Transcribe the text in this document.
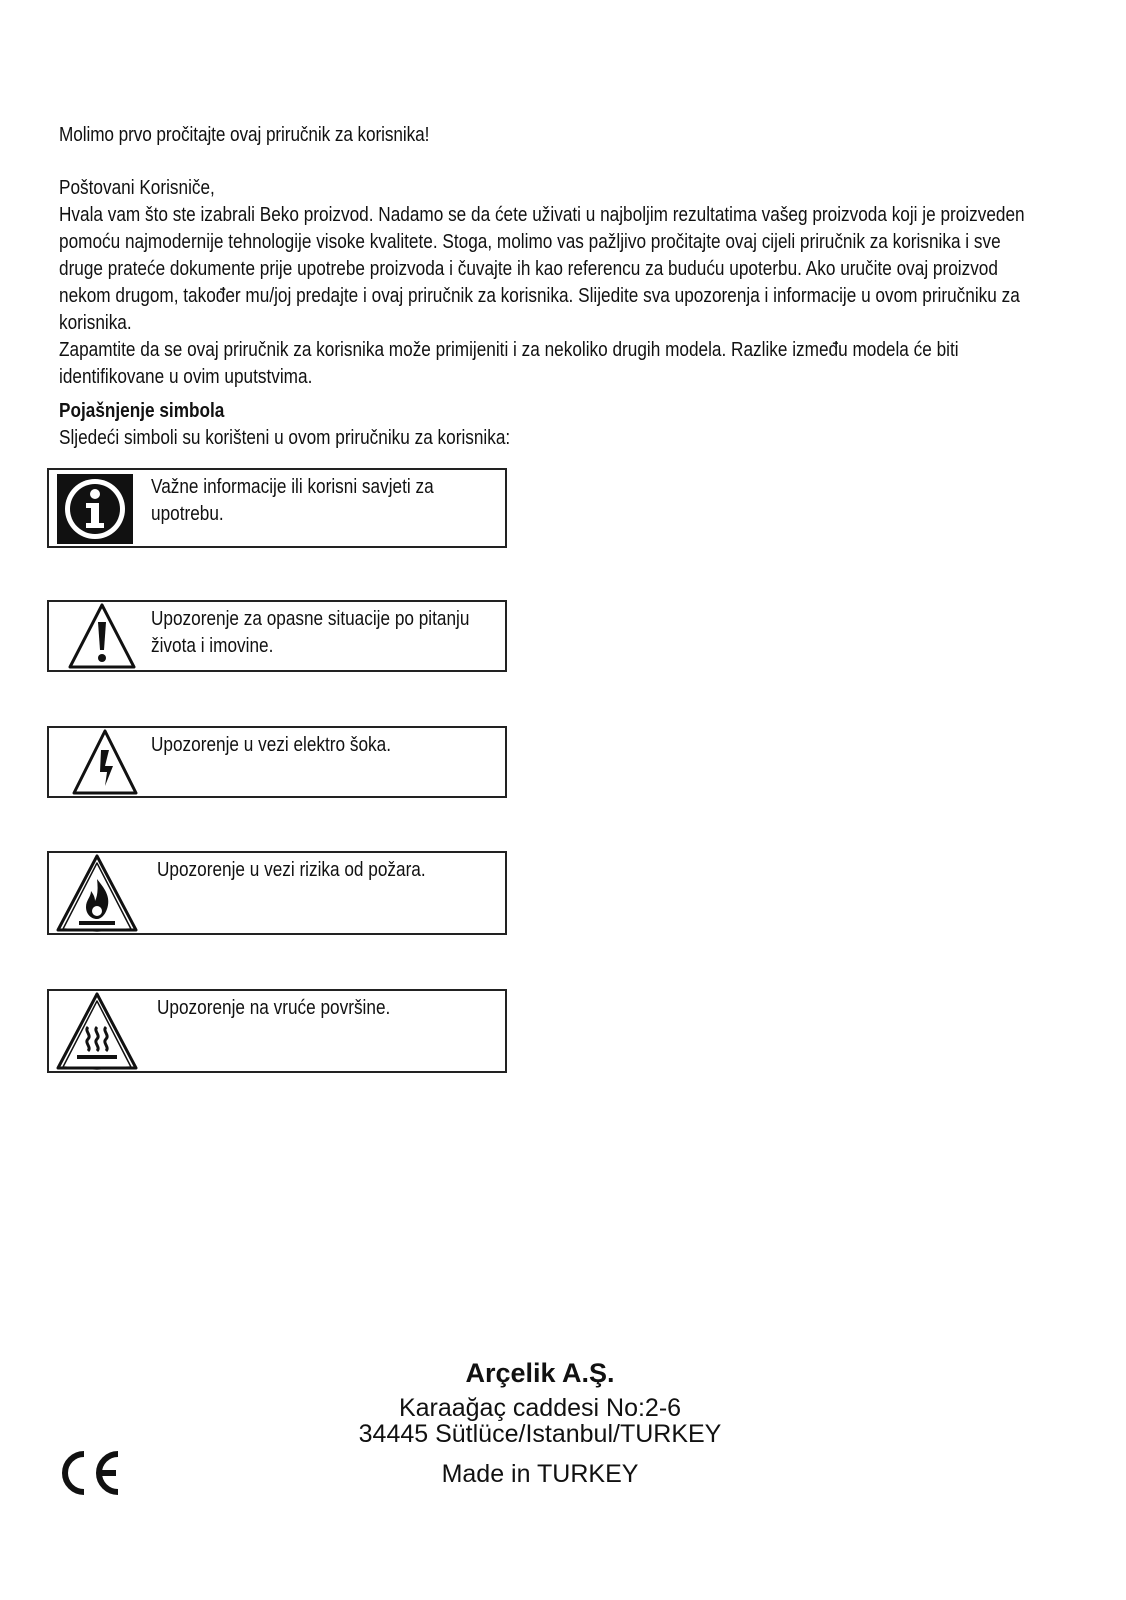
Molimo prvo pročitajte ovaj priručnik za korisnika!

Poštovani Korisniče,

Hvala vam što ste izabrali Beko proizvod. Nadamo se da ćete uživati u najboljim rezultatima vašeg proizvoda koji je proizveden pomoću najmodernije tehnologije visoke kvalitete. Stoga, molimo vas pažljivo pročitajte ovaj cijeli priručnik za korisnika i sve druge prateće dokumente prije upotrebe proizvoda i čuvajte ih kao referencu za buduću upoterbu. Ako uručite ovaj proizvod nekom drugom, također mu/joj predajte i ovaj priručnik za korisnika. Slijedite sva upozorenja i informacije u ovom priručniku za korisnika.

Zapamtite da se ovaj priručnik za korisnika može primijeniti i za nekoliko drugih modela. Razlike između modela će biti identifikovane u ovim uputstvima.

Pojašnjenje simbola
Sljedeći simboli su korišteni u ovom priručniku za korisnika:
Važne informacije ili korisni savjeti za upotrebu.
Upozorenje za opasne situacije po pitanju života i imovine.
Upozorenje u vezi elektro šoka.
Upozorenje u vezi rizika od požara.
Upozorenje na vruće površine.
Arçelik A.Ş.
Karaağaç caddesi No:2-6
34445 Sütlüce/Istanbul/TURKEY
Made in TURKEY
